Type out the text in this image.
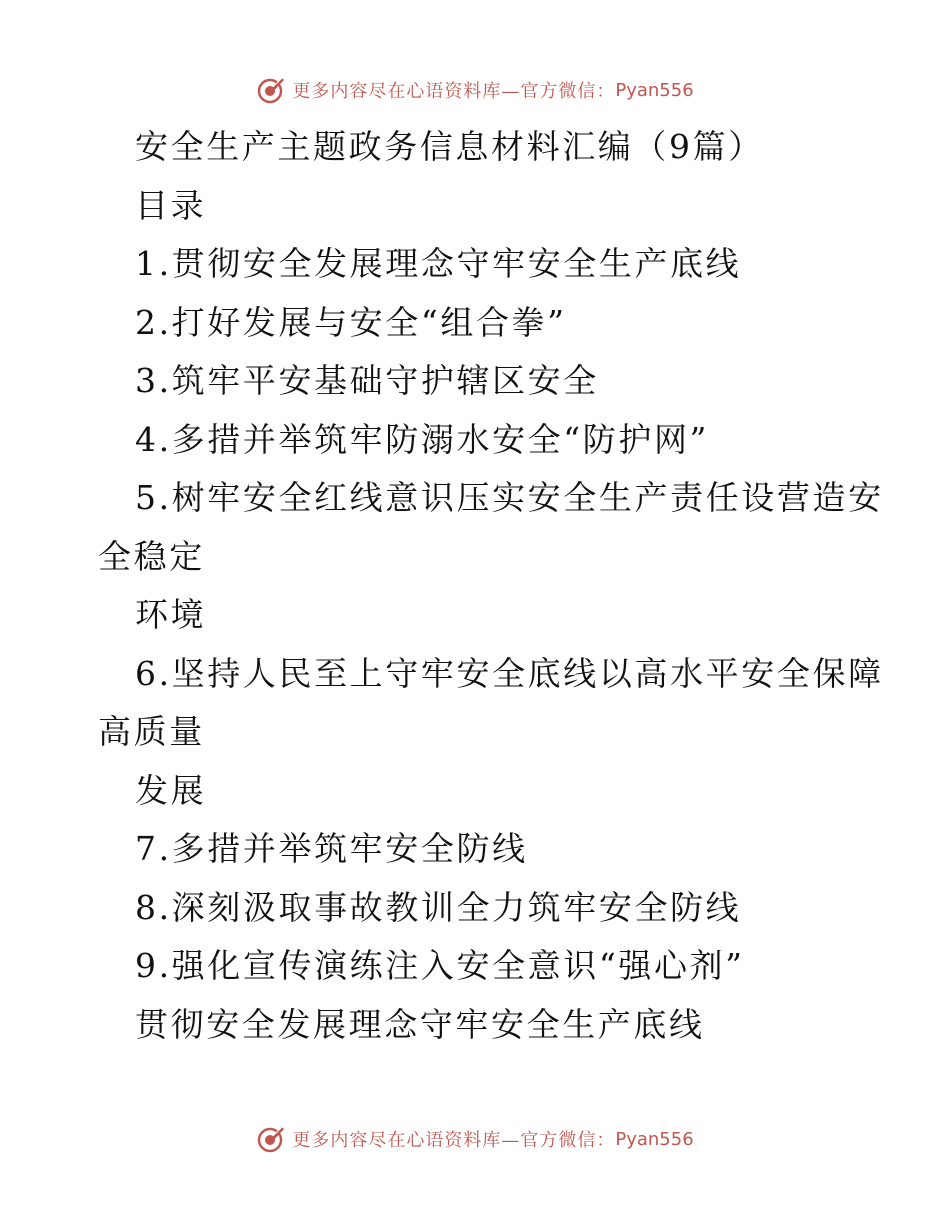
更多内容尽在心语资料库—官方微信： Pyan556

安全生产主题政务信息材料汇编（9篇）

目录

1.贯彻安全发展理念守牢安全生产底线

2.打好发展与安全“组合拳”

3.筑牢平安基础守护辖区安全

4.多措并举筑牢防溺水安全“防护网”

5.树牢安全红线意识压实安全生产责任设营造安

全稳定

环境

6.坚持人民至上守牢安全底线以高水平安全保障

高质量

发展

7.多措并举筑牢安全防线

8.深刻汲取事故教训全力筑牢安全防线

9.强化宣传演练注入安全意识“强心剂”

贯彻安全发展理念守牢安全生产底线

更多内容尽在心语资料库—官方微信： Pyan556
